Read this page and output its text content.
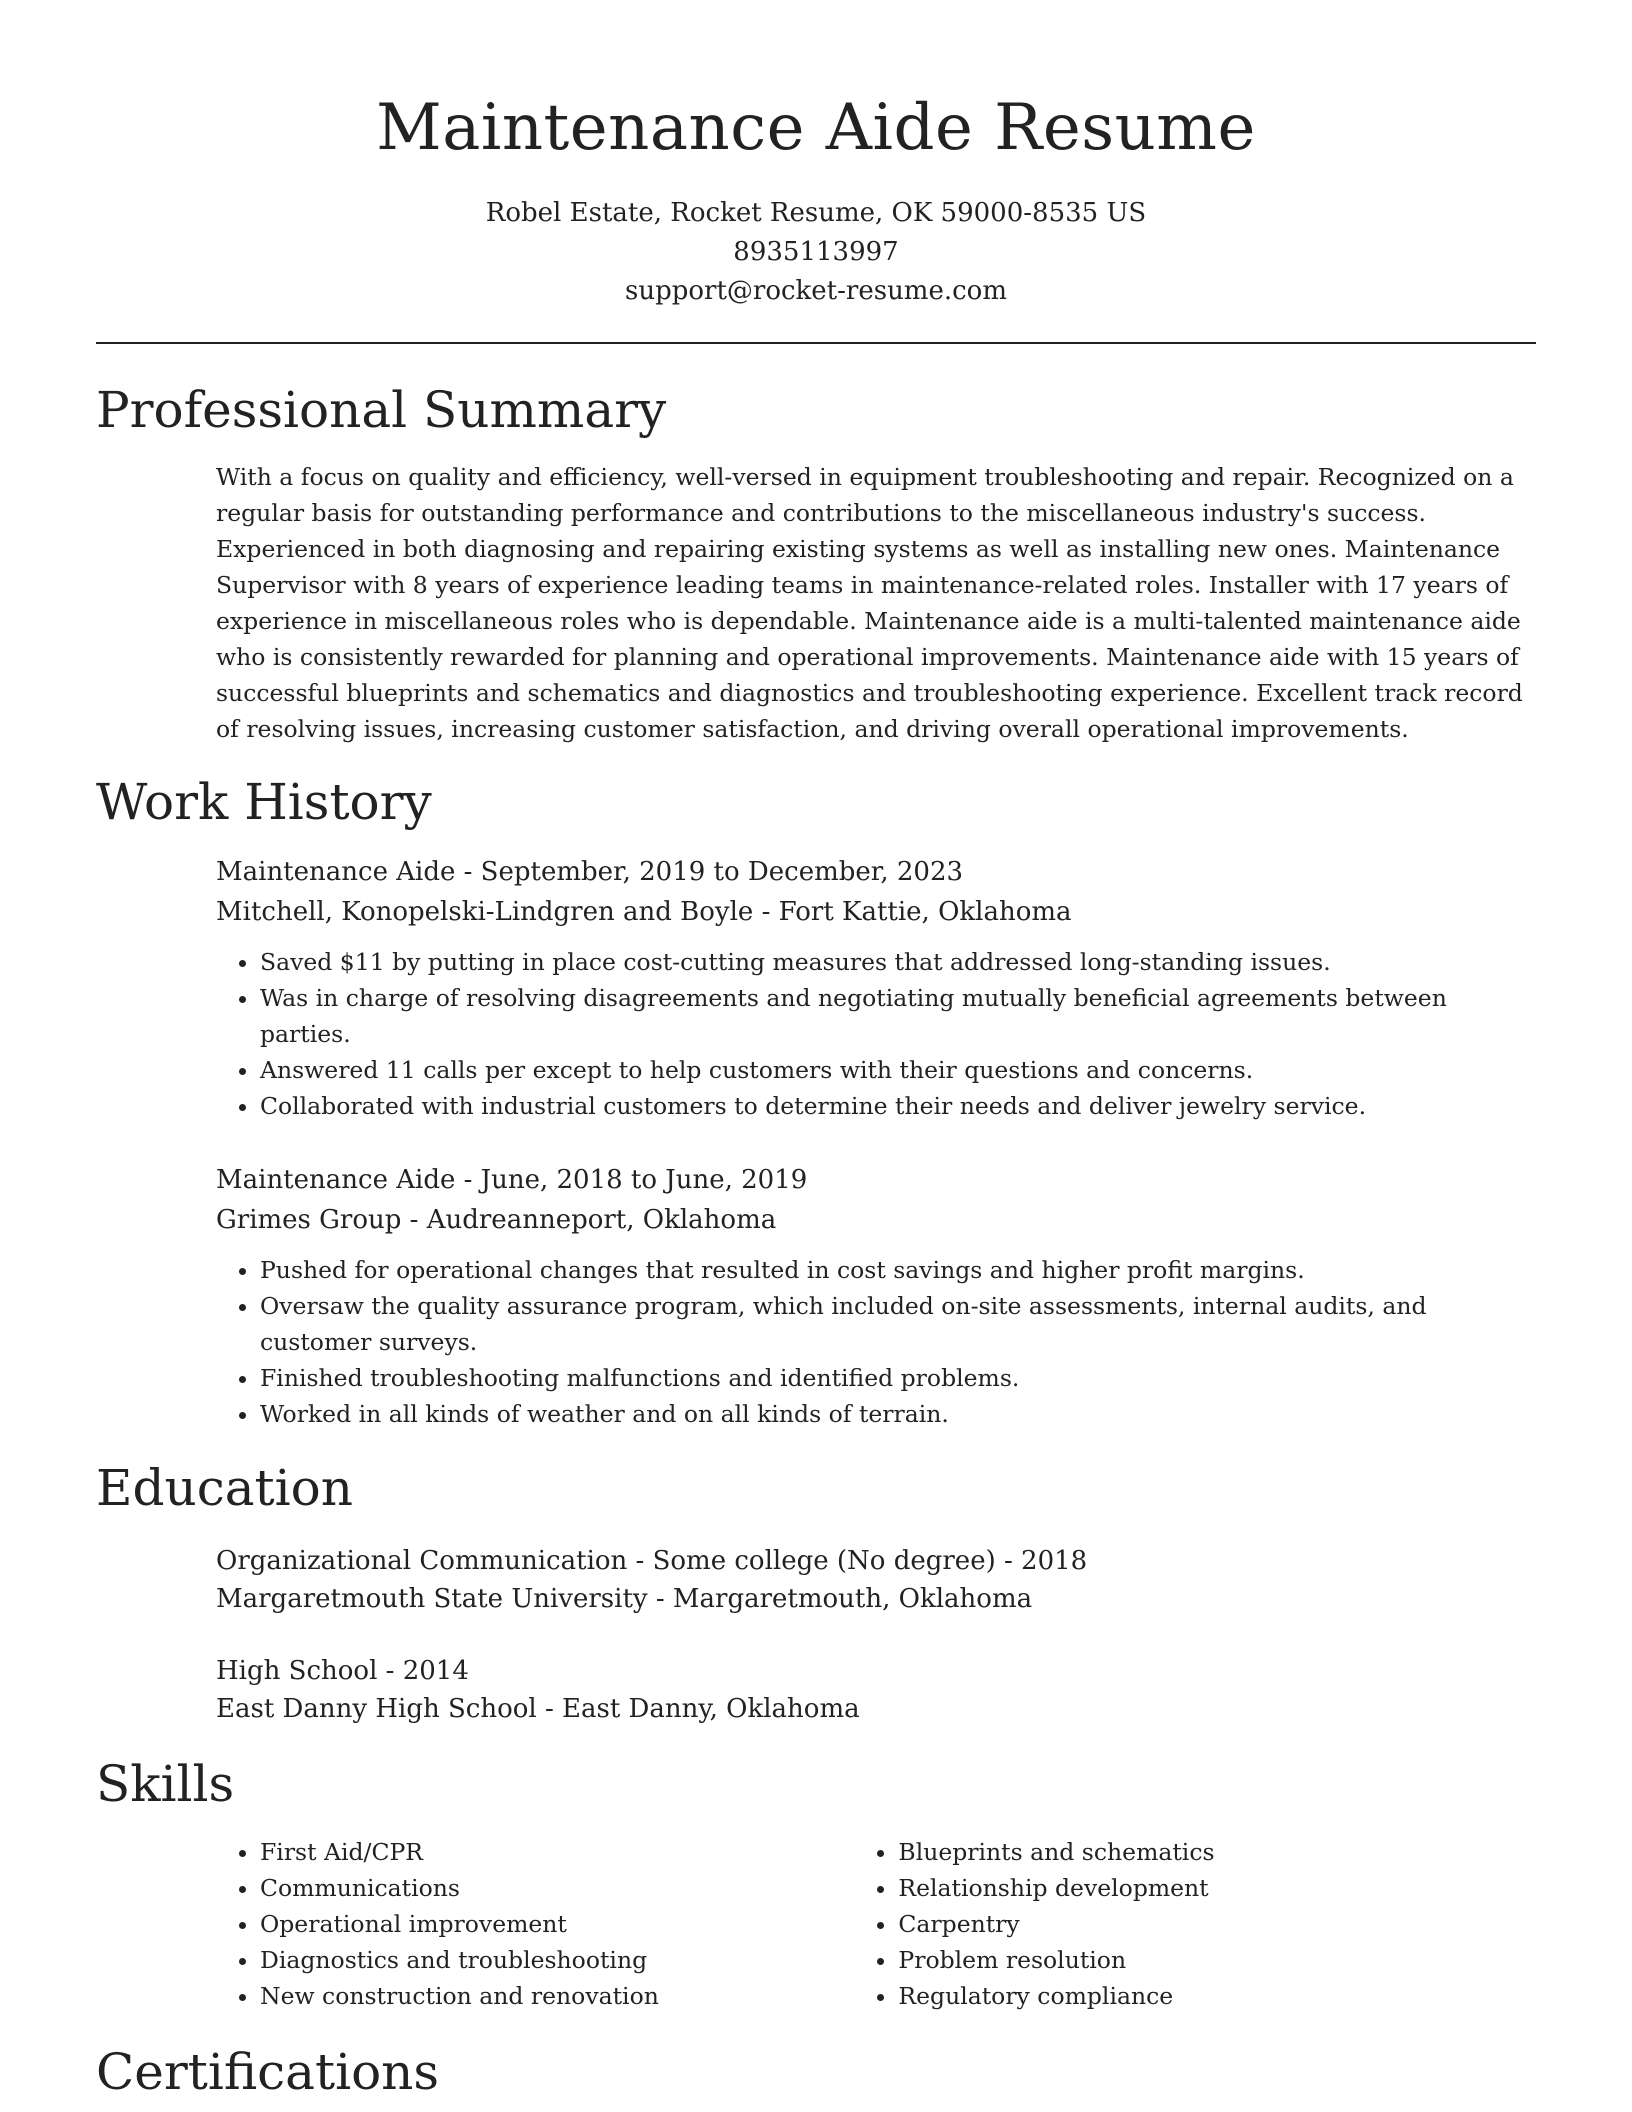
Maintenance Aide Resume
Robel Estate, Rocket Resume, OK 59000-8535 US
8935113997
support@rocket-resume.com
Professional Summary

With a focus on quality and efficiency, well-versed in equipment troubleshooting and repair. Recognized on a regular basis for outstanding performance and contributions to the miscellaneous industry's success. Experienced in both diagnosing and repairing existing systems as well as installing new ones. Maintenance Supervisor with 8 years of experience leading teams in maintenance-related roles. Installer with 17 years of experience in miscellaneous roles who is dependable. Maintenance aide is a multi-talented maintenance aide who is consistently rewarded for planning and operational improvements. Maintenance aide with 15 years of successful blueprints and schematics and diagnostics and troubleshooting experience. Excellent track record of resolving issues, increasing customer satisfaction, and driving overall operational improvements.

Work History
Maintenance Aide - September, 2019 to December, 2023
Mitchell, Konopelski-Lindgren and Boyle - Fort Kattie, Oklahoma
• Saved $11 by putting in place cost-cutting measures that addressed long-standing issues.
• Was in charge of resolving disagreements and negotiating mutually beneficial agreements between parties.
• Answered 11 calls per except to help customers with their questions and concerns.
• Collaborated with industrial customers to determine their needs and deliver jewelry service.
Maintenance Aide - June, 2018 to June, 2019
Grimes Group - Audreanneport, Oklahoma
• Pushed for operational changes that resulted in cost savings and higher profit margins.
• Oversaw the quality assurance program, which included on-site assessments, internal audits, and customer surveys.
• Finished troubleshooting malfunctions and identified problems.
• Worked in all kinds of weather and on all kinds of terrain.
Education
Organizational Communication - Some college (No degree) - 2018
Margaretmouth State University - Margaretmouth, Oklahoma
High School - 2014
East Danny High School - East Danny, Oklahoma
Skills
• First Aid/CPR
• Communications
• Operational improvement
• Diagnostics and troubleshooting
• New construction and renovation
• Blueprints and schematics
• Relationship development
• Carpentry
• Problem resolution
• Regulatory compliance
Certifications
